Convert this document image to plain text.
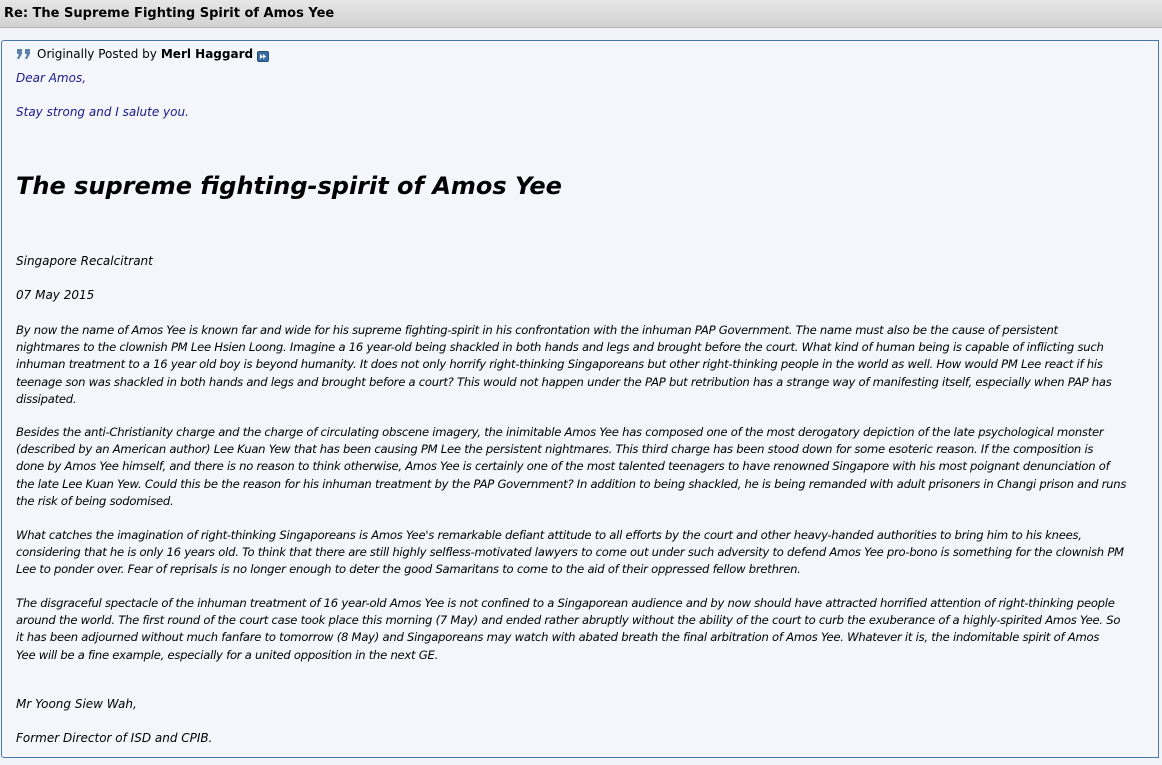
Re: The Supreme Fighting Spirit of Amos Yee
Originally Posted by Merl Haggard

Dear Amos,

Stay strong and I salute you.

The supreme fighting-spirit of Amos Yee

Singapore Recalcitrant

07 May 2015

By now the name of Amos Yee is known far and wide for his supreme fighting-spirit in his confrontation with the inhuman PAP Government. The name must also be the cause of persistent
nightmares to the clownish PM Lee Hsien Loong. Imagine a 16 year-old being shackled in both hands and legs and brought before the court. What kind of human being is capable of inflicting such
inhuman treatment to a 16 year old boy is beyond humanity. It does not only horrify right-thinking Singaporeans but other right-thinking people in the world as well. How would PM Lee react if his
teenage son was shackled in both hands and legs and brought before a court? This would not happen under the PAP but retribution has a strange way of manifesting itself, especially when PAP has
dissipated.

Besides the anti-Christianity charge and the charge of circulating obscene imagery, the inimitable Amos Yee has composed one of the most derogatory depiction of the late psychological monster
(described by an American author) Lee Kuan Yew that has been causing PM Lee the persistent nightmares. This third charge has been stood down for some esoteric reason. If the composition is
done by Amos Yee himself, and there is no reason to think otherwise, Amos Yee is certainly one of the most talented teenagers to have renowned Singapore with his most poignant denunciation of
the late Lee Kuan Yew. Could this be the reason for his inhuman treatment by the PAP Government? In addition to being shackled, he is being remanded with adult prisoners in Changi prison and runs
the risk of being sodomised.

What catches the imagination of right-thinking Singaporeans is Amos Yee's remarkable defiant attitude to all efforts by the court and other heavy-handed authorities to bring him to his knees,
considering that he is only 16 years old. To think that there are still highly selfless-motivated lawyers to come out under such adversity to defend Amos Yee pro-bono is something for the clownish PM
Lee to ponder over. Fear of reprisals is no longer enough to deter the good Samaritans to come to the aid of their oppressed fellow brethren.

The disgraceful spectacle of the inhuman treatment of 16 year-old Amos Yee is not confined to a Singaporean audience and by now should have attracted horrified attention of right-thinking people
around the world. The first round of the court case took place this morning (7 May) and ended rather abruptly without the ability of the court to curb the exuberance of a highly-spirited Amos Yee. So
it has been adjourned without much fanfare to tomorrow (8 May) and Singaporeans may watch with abated breath the final arbitration of Amos Yee. Whatever it is, the indomitable spirit of Amos
Yee will be a fine example, especially for a united opposition in the next GE.

Mr Yoong Siew Wah,

Former Director of ISD and CPIB.
